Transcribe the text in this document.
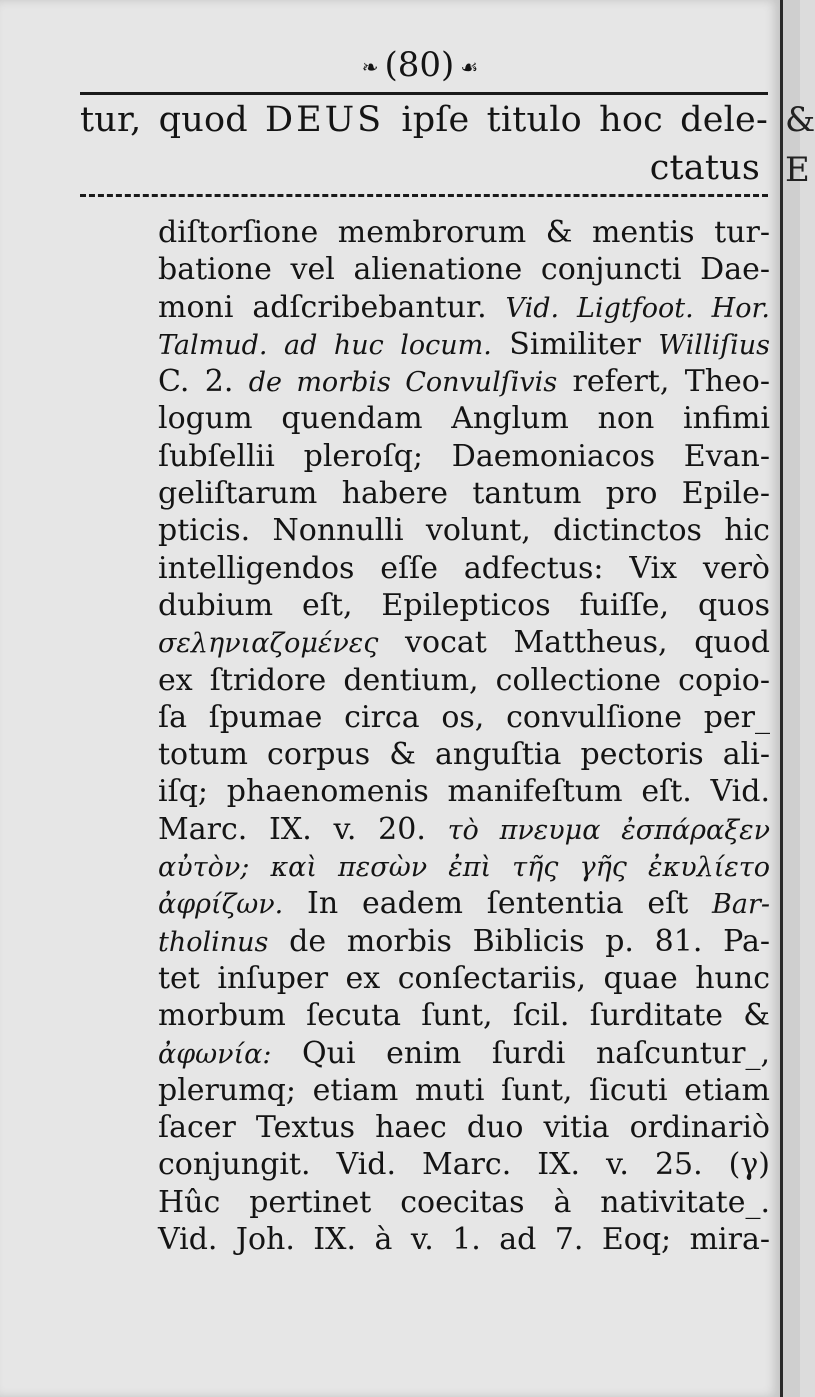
❧ (80) ☙
tur, quod DEUS ipſe titulo hoc dele-
ctatus
diſtorſione membrorum & mentis tur-
batione vel alienatione conjuncti Dae-
moni adſcribebantur. Vid. Ligtfoot. Hor.
Talmud. ad huc locum. Similiter Williſius
C. 2. de morbis Convulſivis refert, Theo-
logum quendam Anglum non infimi
ſubſellii pleroſq; Daemoniacos Evan-
geliſtarum habere tantum pro Epile-
pticis. Nonnulli volunt, dictinctos hic
intelligendos eſſe adfectus: Vix verò
dubium eſt, Epilepticos fuiſſe, quos
σεληνιαζομένες vocat Mattheus, quod
ex ſtridore dentium, collectione copio-
ſa ſpumae circa os, convulſione per_
totum corpus & anguſtia pectoris ali-
iſq; phaenomenis manifeſtum eſt. Vid.
Marc. IX. v. 20. τὸ πνευμα ἐσπάραξεν
αὐτὸν; καὶ πεσὼν ἐπὶ τῆς γῆς ἐκυλίετο
ἀφρίζων. In eadem ſententia eſt Bar-
tholinus de morbis Biblicis p. 81. Pa-
tet inſuper ex conſectariis, quae hunc
morbum ſecuta ſunt, ſcil. ſurditate &
ἀφωνία: Qui enim ſurdi naſcuntur_,
plerumq; etiam muti ſunt, ſicuti etiam
ſacer Textus haec duo vitia ordinariò
conjungit. Vid. Marc. IX. v. 25. (γ)
Hûc pertinet coecitas à nativitate_.
Vid. Joh. IX. à v. 1. ad 7. Eoq; mira-
&
E
